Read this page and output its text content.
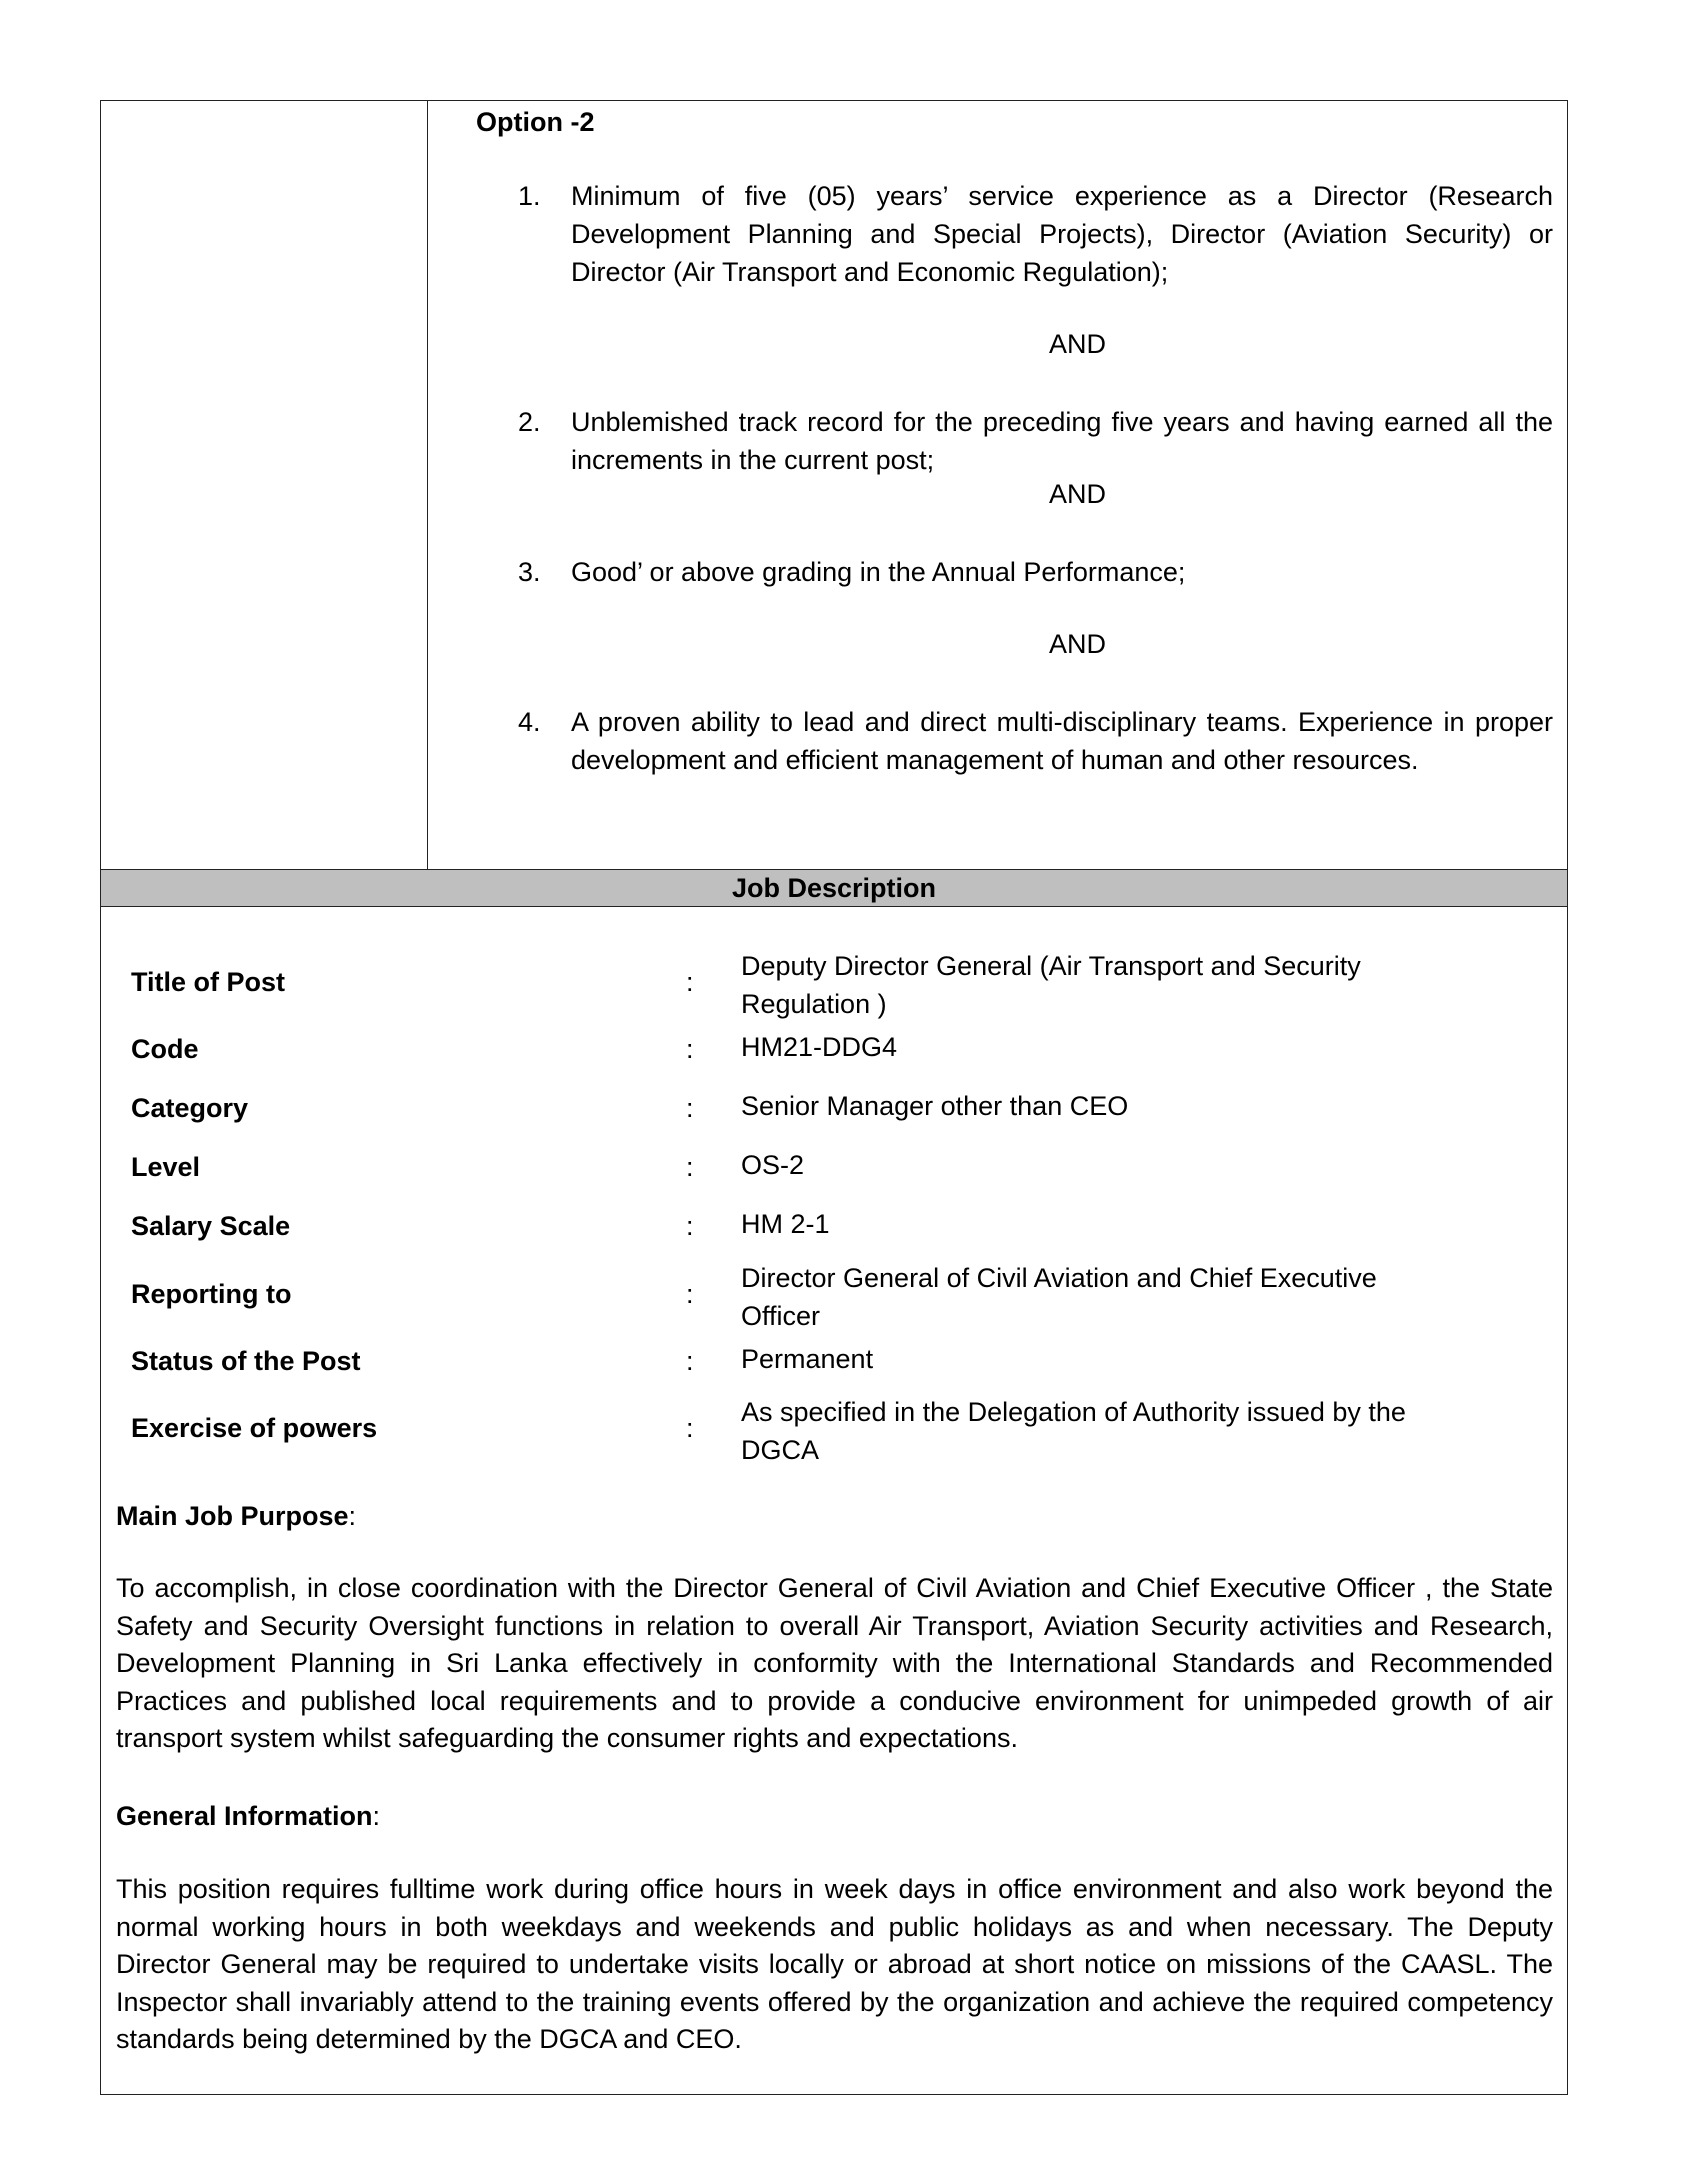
Option -2
1. Minimum of five (05) years’ service experience as a Director (Research Development Planning and Special Projects), Director (Aviation Security) or Director (Air Transport and Economic Regulation);
AND
2. Unblemished track record for the preceding five years and having earned all the increments in the current post;
AND
3. Good’ or above grading in the Annual Performance;
AND
4. A proven ability to lead and direct multi-disciplinary teams. Experience in proper development and efficient management of human and other resources.
Job Description
Title of Post	:
Deputy Director General (Air Transport and Security Regulation )
Code	: HM21-DDG4
Category	: Senior Manager other than CEO
Level	: OS-2
Salary Scale	: HM 2-1
Reporting to	:
Director General of Civil Aviation and Chief Executive Officer
Status of the Post	: Permanent
Exercise of powers	:
As specified in the Delegation of Authority issued by the DGCA
Main Job Purpose:
To accomplish, in close coordination with the Director General of Civil Aviation and Chief Executive Officer , the State Safety and Security Oversight functions in relation to overall Air Transport, Aviation Security activities and Research, Development Planning in Sri Lanka effectively in conformity with the International Standards and Recommended Practices and published local requirements and to provide a conducive environment for unimpeded growth of air transport system whilst safeguarding the consumer rights and expectations.
General Information:
This position requires fulltime work during office hours in week days in office environment and also work beyond the normal working hours in both weekdays and weekends and public holidays as and when necessary. The Deputy Director General may be required to undertake visits locally or abroad at short notice on missions of the CAASL. The Inspector shall invariably attend to the training events offered by the organization and achieve the required competency standards being determined by the DGCA and CEO.
